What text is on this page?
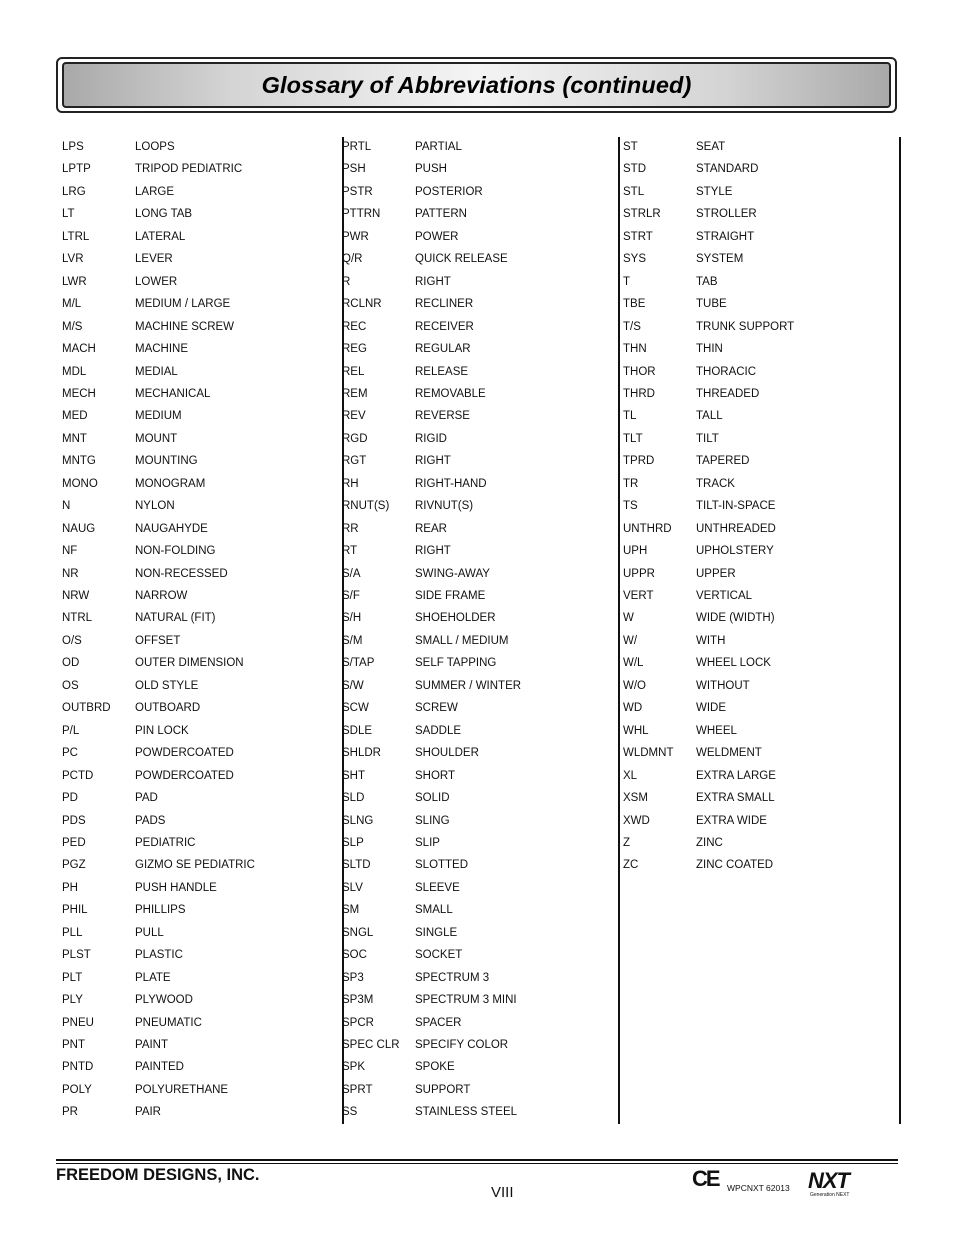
Glossary of Abbreviations (continued)
LPS	LOOPS
LPTP	TRIPOD PEDIATRIC
LRG	LARGE
LT	LONG TAB
LTRL	LATERAL
LVR	LEVER
LWR	LOWER
M/L	MEDIUM / LARGE
M/S	MACHINE SCREW
MACH	MACHINE
MDL	MEDIAL
MECH	MECHANICAL
MED	MEDIUM
MNT	MOUNT
MNTG	MOUNTING
MONO	MONOGRAM
N	NYLON
NAUG	NAUGAHYDE
NF	NON-FOLDING
NR	NON-RECESSED
NRW	NARROW
NTRL	NATURAL (FIT)
O/S	OFFSET
OD	OUTER DIMENSION
OS	OLD STYLE
OUTBRD OUTBOARD
P/L	PIN LOCK
PC	POWDERCOATED
PCTD	POWDERCOATED
PD	PAD
PDS	PADS
PED	PEDIATRIC
PGZ	GIZMO SE PEDIATRIC
PH	PUSH HANDLE
PHIL	PHILLIPS
PLL	PULL
PLST	PLASTIC
PLT	PLATE
PLY	PLYWOOD
PNEU	PNEUMATIC
PNT	PAINT
PNTD	PAINTED
POLY	POLYURETHANE
PR	PAIR
PRTL	PARTIAL
PSH	PUSH
PSTR	POSTERIOR
PTTRN	PATTERN
PWR	POWER
Q/R	QUICK RELEASE
R	RIGHT
RCLNR	RECLINER
REC	RECEIVER
REG	REGULAR
REL	RELEASE
REM	REMOVABLE
REV	REVERSE
RGD	RIGID
RGT	RIGHT
RH	RIGHT-HAND
RNUT(S) RIVNUT(S)
RR	REAR
RT	RIGHT
S/A	SWING-AWAY
S/F	SIDE FRAME
S/H	SHOEHOLDER
S/M	SMALL / MEDIUM
S/TAP	SELF TAPPING
S/W	SUMMER / WINTER
SCW	SCREW
SDLE	SADDLE
SHLDR	SHOULDER
SHT	SHORT
SLD	SOLID
SLNG	SLING
SLP	SLIP
SLTD	SLOTTED
SLV	SLEEVE
SM	SMALL
SNGL	SINGLE
SOC	SOCKET
SP3	SPECTRUM 3
SP3M	SPECTRUM 3 MINI
SPCR	SPACER
SPEC CLR SPECIFY COLOR
SPK	SPOKE
SPRT	SUPPORT
SS	STAINLESS STEEL
ST	SEAT
STD	STANDARD
STL	STYLE
STRLR	STROLLER
STRT	STRAIGHT
SYS	SYSTEM
T	TAB
TBE	TUBE
T/S	TRUNK SUPPORT
THN	THIN
THOR	THORACIC
THRD	THREADED
TL	TALL
TLT	TILT
TPRD	TAPERED
TR	TRACK
TS	TILT-IN-SPACE
UNTHRD UNTHREADED
UPH	UPHOLSTERY
UPPR	UPPER
VERT	VERTICAL
W	WIDE (WIDTH)
W/	WITH
W/L	WHEEL LOCK
W/O	WITHOUT
WD	WIDE
WHL	WHEEL
WLDMNT WELDMENT
XL	EXTRA LARGE
XSM	EXTRA SMALL
XWD	EXTRA WIDE
Z	ZINC
ZC	ZINC COATED
FREEDOM DESIGNS, INC.
VIII
CE WPCNXT 62013 NXT
Generation NEXT
